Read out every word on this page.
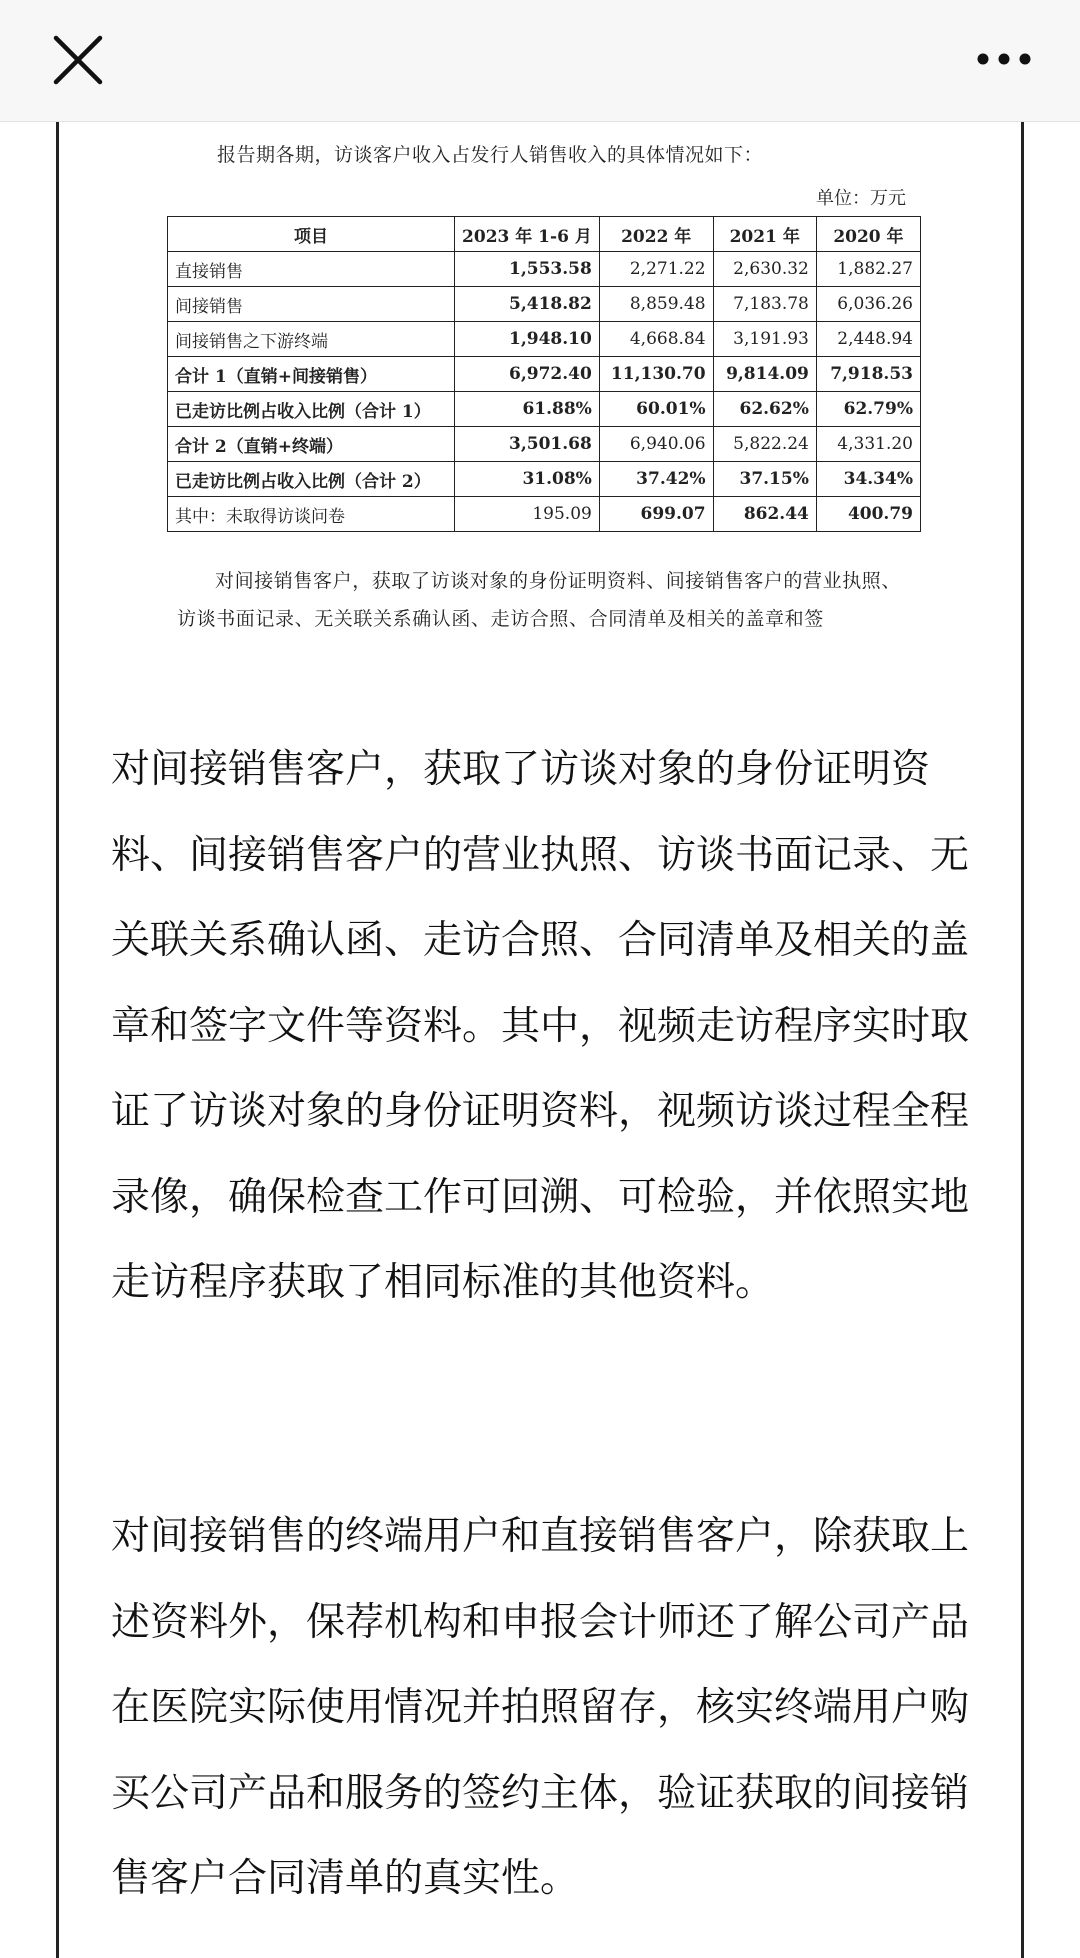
报告期各期，访谈客户收入占发行人销售收入的具体情况如下：
单位：万元
项目	2023 年 1-6 月	2022 年	2021 年	2020 年
直接销售	1,553.58	2,271.22	2,630.32	1,882.27
间接销售	5,418.82	8,859.48	7,183.78	6,036.26
间接销售之下游终端	1,948.10	4,668.84	3,191.93	2,448.94
合计 1（直销+间接销售）	6,972.40	11,130.70	9,814.09	7,918.53
已走访比例占收入比例（合计 1）	61.88%	60.01%	62.62%	62.79%
合计 2（直销+终端）	3,501.68	6,940.06	5,822.24	4,331.20
已走访比例占收入比例（合计 2）	31.08%	37.42%	37.15%	34.34%
其中：未取得访谈问卷	195.09	699.07	862.44	400.79
对间接销售客户，获取了访谈对象的身份证明资料、间接销售客户的营业执照、访谈书面记录、无关联关系确认函、走访合照、合同清单及相关的盖章和签

对间接销售客户，获取了访谈对象的身份证明资料、间接销售客户的营业执照、访谈书面记录、无关联关系确认函、走访合照、合同清单及相关的盖章和签字文件等资料。其中，视频走访程序实时取证了访谈对象的身份证明资料，视频访谈过程全程录像，确保检查工作可回溯、可检验，并依照实地走访程序获取了相同标准的其他资料。

对间接销售的终端用户和直接销售客户，除获取上述资料外，保荐机构和申报会计师还了解公司产品在医院实际使用情况并拍照留存，核实终端用户购买公司产品和服务的签约主体，验证获取的间接销售客户合同清单的真实性。
